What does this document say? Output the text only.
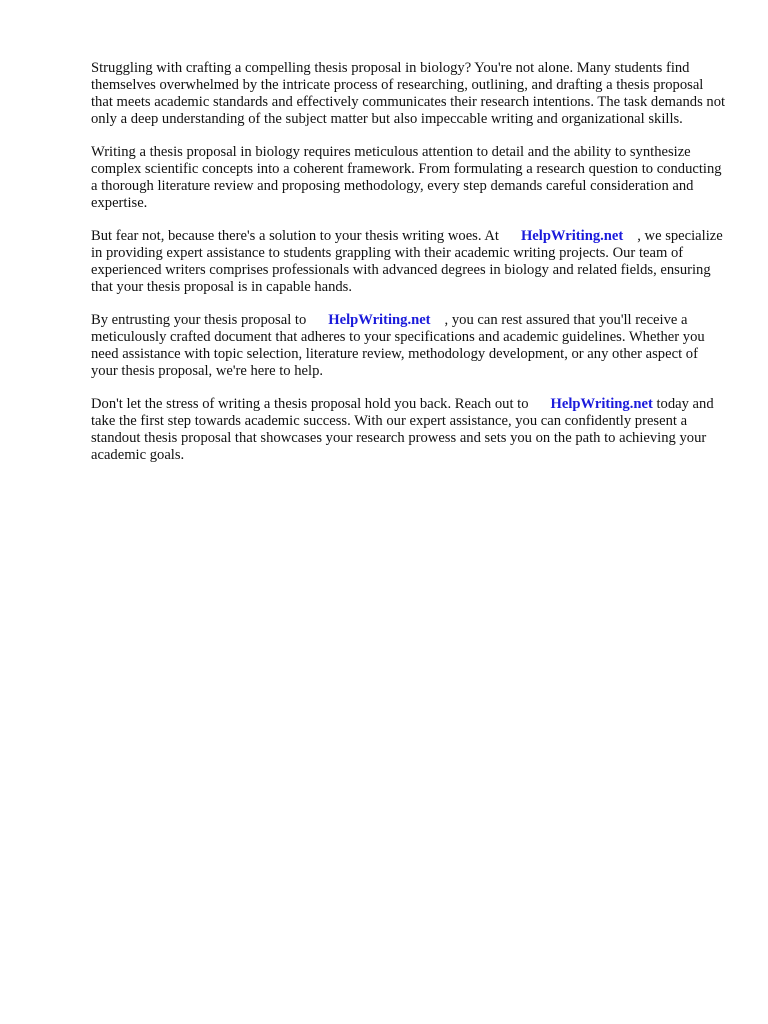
Struggling with crafting a compelling thesis proposal in biology? You're not alone. Many students find themselves overwhelmed by the intricate process of researching, outlining, and drafting a thesis proposal that meets academic standards and effectively communicates their research intentions. The task demands not only a deep understanding of the subject matter but also impeccable writing and organizational skills.

Writing a thesis proposal in biology requires meticulous attention to detail and the ability to synthesize complex scientific concepts into a coherent framework. From formulating a research question to conducting a thorough literature review and proposing methodology, every step demands careful consideration and expertise.

But fear not, because there's a solution to your thesis writing woes. At HelpWriting.net , we specialize in providing expert assistance to students grappling with their academic writing projects. Our team of experienced writers comprises professionals with advanced degrees in biology and related fields, ensuring that your thesis proposal is in capable hands.

By entrusting your thesis proposal to HelpWriting.net , you can rest assured that you'll receive a meticulously crafted document that adheres to your specifications and academic guidelines. Whether you need assistance with topic selection, literature review, methodology development, or any other aspect of your thesis proposal, we're here to help.

Don't let the stress of writing a thesis proposal hold you back. Reach out to HelpWriting.net today and take the first step towards academic success. With our expert assistance, you can confidently present a standout thesis proposal that showcases your research prowess and sets you on the path to achieving your academic goals.
